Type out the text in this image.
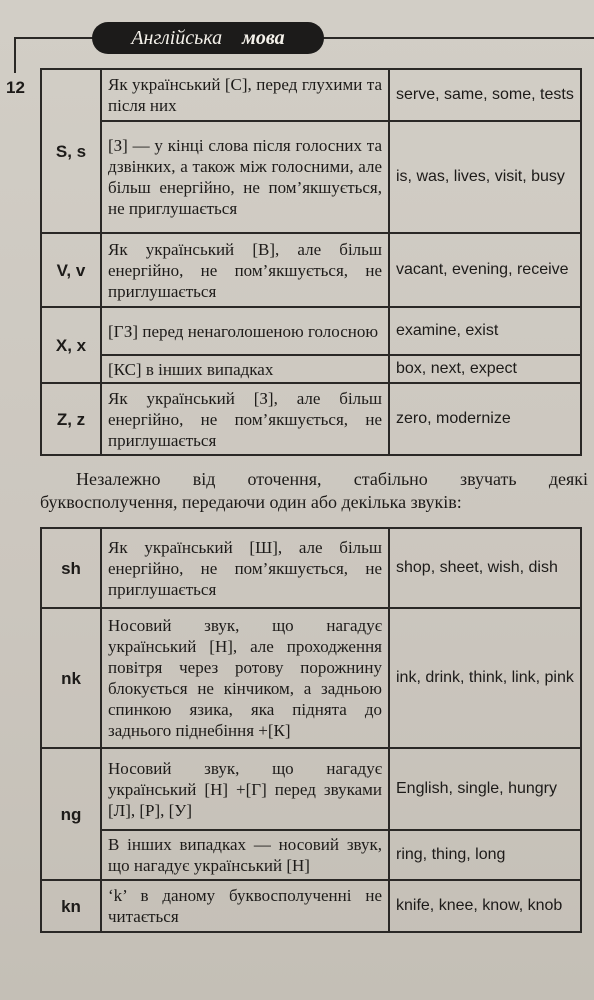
Англійська мова
12
S, s	Як український [С], перед глухими та після них	serve, same, some, tests
	[З] — у кінці слова після голосних та дзвінких, а також між голосними, але більш енергійно, не пом’якшується, не приглушається	is, was, lives, visit, busy
V, v	Як український [В], але більш енергійно, не пом’якшується, не приглушається	vacant, evening, receive
X, x	[ГЗ] перед ненаголошеною голосною	examine, exist
	[КС] в інших випадках	box, next, expect
Z, z	Як український [З], але більш енергійно, не пом’якшується, не приглушається	zero, modernize
Незалежно від оточення, стабільно звучать деякі буквосполучення, передаючи один або декілька звуків:
sh	Як український [Ш], але більш енергійно, не пом’якшується, не приглушається	shop, sheet, wish, dish
nk	Носовий звук, що нагадує український [Н], але проходження повітря через ротову порожнину блокується не кінчиком, а задньою спинкою язика, яка піднята до заднього піднебіння +[К]	ink, drink, think, link, pink
ng	Носовий звук, що нагадує український [Н] +[Г] перед звуками [Л], [Р], [У]	English, single, hungry
	В інших випадках — носовий звук, що нагадує український [Н]	ring, thing, long
kn	‘k’ в даному буквосполученні не читається	knife, knee, know, knob
